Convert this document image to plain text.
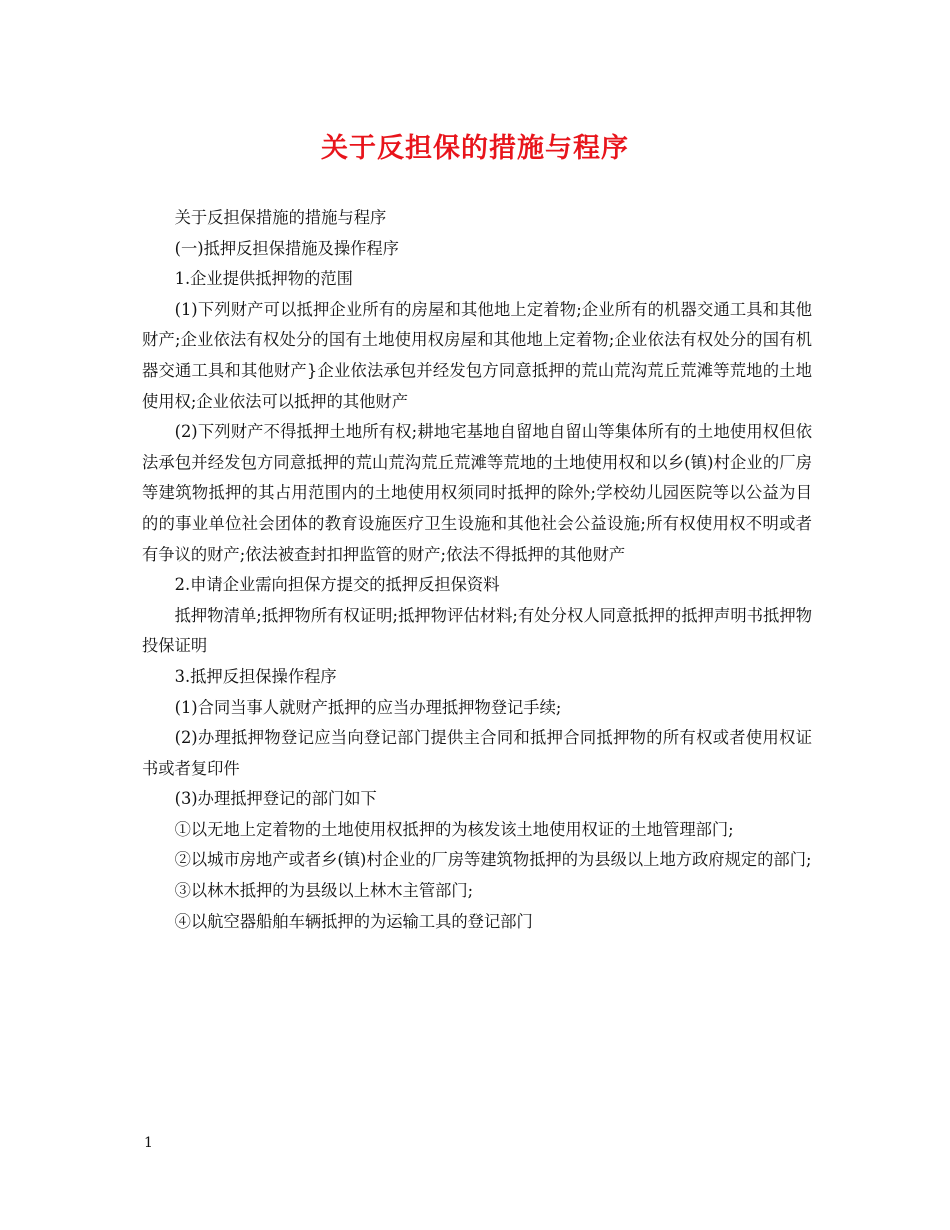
关于反担保的措施与程序

关于反担保措施的措施与程序

(一)抵押反担保措施及操作程序

1.企业提供抵押物的范围

(1)下列财产可以抵押企业所有的房屋和其他地上定着物;企业所有的机器交通工具和其他财产;企业依法有权处分的国有土地使用权房屋和其他地上定着物;企业依法有权处分的国有机器交通工具和其他财产}企业依法承包并经发包方同意抵押的荒山荒沟荒丘荒滩等荒地的土地使用权;企业依法可以抵押的其他财产

(2)下列财产不得抵押土地所有权;耕地宅基地自留地自留山等集体所有的土地使用权但依法承包并经发包方同意抵押的荒山荒沟荒丘荒滩等荒地的土地使用权和以乡(镇)村企业的厂房等建筑物抵押的其占用范围内的土地使用权须同时抵押的除外;学校幼儿园医院等以公益为目的的事业单位社会团体的教育设施医疗卫生设施和其他社会公益设施;所有权使用权不明或者有争议的财产;依法被查封扣押监管的财产;依法不得抵押的其他财产

2.申请企业需向担保方提交的抵押反担保资料

抵押物清单;抵押物所有权证明;抵押物评估材料;有处分权人同意抵押的抵押声明书抵押物投保证明

3.抵押反担保操作程序

(1)合同当事人就财产抵押的应当办理抵押物登记手续;

(2)办理抵押物登记应当向登记部门提供主合同和抵押合同抵押物的所有权或者使用权证书或者复印件

(3)办理抵押登记的部门如下

①以无地上定着物的土地使用权抵押的为核发该土地使用权证的土地管理部门;

②以城市房地产或者乡(镇)村企业的厂房等建筑物抵押的为县级以上地方政府规定的部门;

③以林木抵押的为县级以上林木主管部门;

④以航空器船舶车辆抵押的为运输工具的登记部门

1
